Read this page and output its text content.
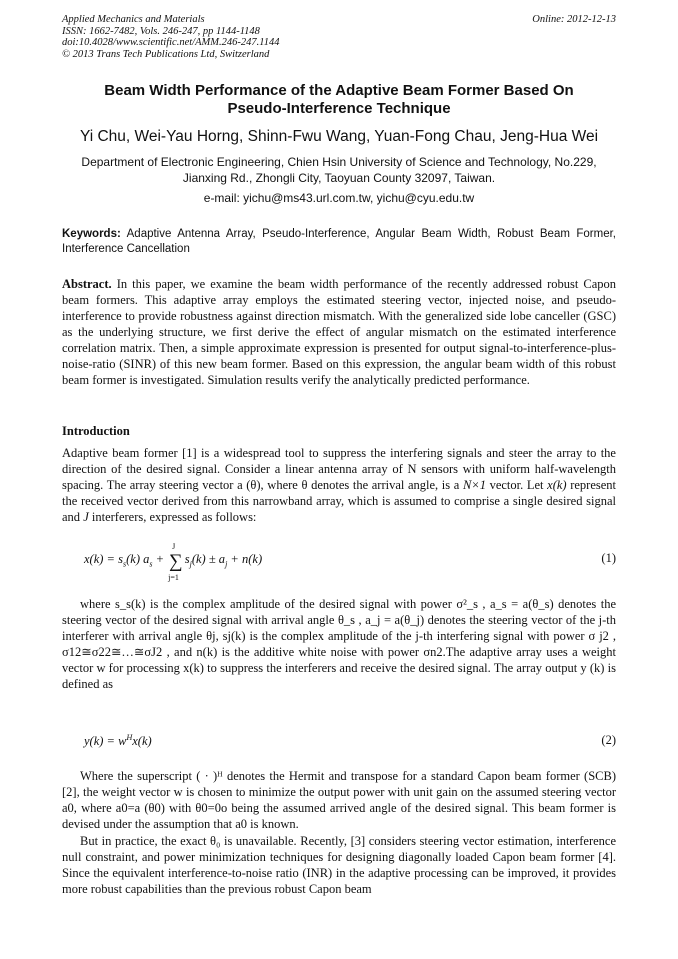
Applied Mechanics and Materials
ISSN: 1662-7482, Vols. 246-247, pp 1144-1148
doi:10.4028/www.scientific.net/AMM.246-247.1144
© 2013 Trans Tech Publications Ltd, Switzerland
Online: 2012-12-13
Beam Width Performance of the Adaptive Beam Former Based On
Pseudo-Interference Technique
Yi Chu, Wei-Yau Horng, Shinn-Fwu Wang, Yuan-Fong Chau, Jeng-Hua Wei
Department of Electronic Engineering, Chien Hsin University of Science and Technology, No.229,
Jianxing Rd., Zhongli City, Taoyuan County 32097, Taiwan.
e-mail: yichu@ms43.url.com.tw, yichu@cyu.edu.tw
Keywords: Adaptive Antenna Array, Pseudo-Interference, Angular Beam Width, Robust Beam Former, Interference Cancellation
Abstract. In this paper, we examine the beam width performance of the recently addressed robust Capon beam formers. This adaptive array employs the estimated steering vector, injected noise, and pseudo-interference to provide robustness against direction mismatch. With the generalized side lobe canceller (GSC) as the underlying structure, we first derive the effect of angular mismatch on the estimated interference correlation matrix. Then, a simple approximate expression is presented for output signal-to-interference-plus-noise-ratio (SINR) of this new beam former. Based on this expression, the angular beam width of this robust beam former is investigated. Simulation results verify the analytically predicted performance.
Introduction
Adaptive beam former [1] is a widespread tool to suppress the interfering signals and steer the array to the direction of the desired signal. Consider a linear antenna array of N sensors with uniform half-wavelength spacing. The array steering vector a (θ), where θ denotes the arrival angle, is a N×1 vector. Let x(k) represent the received vector derived from this narrowband array, which is assumed to comprise a single desired signal and J interferers, expressed as follows:
$x(k) = s_s(k) a_s$ + ∑
J
j=1
$s_j(k) \pm a_j + n(k)$	(1)
where s_s(k) is the complex amplitude of the desired signal with power σ²_s , a_s = a(θ_s) denotes the steering vector of the desired signal with arrival angle θ_s , a_j = a(θ_j) denotes the steering vector of the j-th interferer with arrival angle θj, sj(k) is the complex amplitude of the j-th interfering signal with power σ j2 , σ12≅σ22≅…≅σJ2 , and n(k) is the additive white noise with power σn2.The adaptive array uses a weight vector w for processing x(k) to suppress the interferers and receive the desired signal. The array output y (k) is defined as
$y(k) = w^Hx(k)$	(2)
Where the superscript ( · )ᴴ denotes the Hermit and transpose for a standard Capon beam former (SCB) [2], the weight vector w is chosen to minimize the output power with unit gain on the assumed steering vector a0, where a0=a (θ0) with θ0=0o being the assumed arrived angle of the desired signal. This beam former is devised under the assumption that a0 is known.
But in practice, the exact θ₀ is unavailable. Recently, [3] considers steering vector estimation, interference null constraint, and power minimization techniques for designing diagonally loaded Capon beam former [4]. Since the equivalent interference-to-noise ratio (INR) in the adaptive processing can be improved, it provides more robust capabilities than the previous robust Capon beam
